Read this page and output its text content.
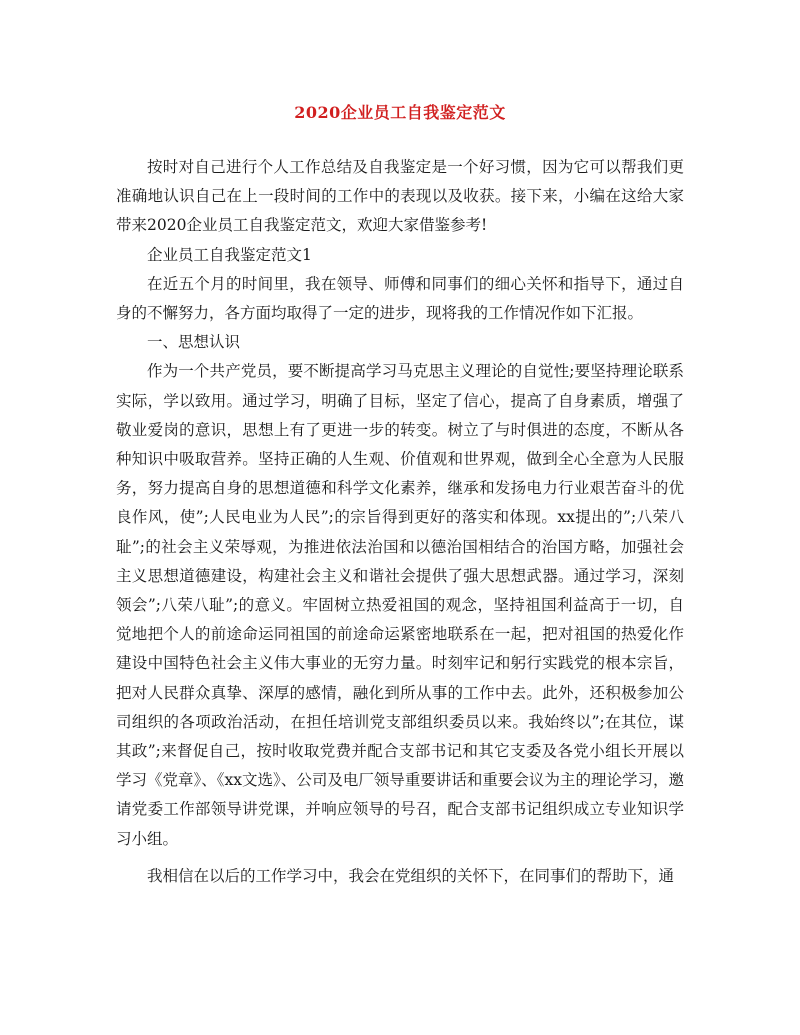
2020企业员工自我鉴定范文

按时对自己进行个人工作总结及自我鉴定是一个好习惯，因为它可以帮我们更准确地认识自己在上一段时间的工作中的表现以及收获。接下来，小编在这给大家带来2020企业员工自我鉴定范文，欢迎大家借鉴参考!

企业员工自我鉴定范文1

在近五个月的时间里，我在领导、师傅和同事们的细心关怀和指导下，通过自身的不懈努力，各方面均取得了一定的进步，现将我的工作情况作如下汇报。

一、思想认识

作为一个共产党员，要不断提高学习马克思主义理论的自觉性;要坚持理论联系实际，学以致用。通过学习，明确了目标，坚定了信心，提高了自身素质，增强了敬业爱岗的意识，思想上有了更进一步的转变。树立了与时俱进的态度，不断从各种知识中吸取营养。坚持正确的人生观、价值观和世界观，做到全心全意为人民服务，努力提高自身的思想道德和科学文化素养，继承和发扬电力行业艰苦奋斗的优良作风，使”;人民电业为人民”;的宗旨得到更好的落实和体现。xx提出的”;八荣八耻”;的社会主义荣辱观，为推进依法治国和以德治国相结合的治国方略，加强社会主义思想道德建设，构建社会主义和谐社会提供了强大思想武器。通过学习，深刻领会”;八荣八耻”;的意义。牢固树立热爱祖国的观念，坚持祖国利益高于一切，自觉地把个人的前途命运同祖国的前途命运紧密地联系在一起，把对祖国的热爱化作建设中国特色社会主义伟大事业的无穷力量。时刻牢记和躬行实践党的根本宗旨，把对人民群众真挚、深厚的感情，融化到所从事的工作中去。此外，还积极参加公司组织的各项政治活动，在担任培训党支部组织委员以来。我始终以”;在其位，谋其政”;来督促自己，按时收取党费并配合支部书记和其它支委及各党小组长开展以学习《党章》、《xx文选》、公司及电厂领导重要讲话和重要会议为主的理论学习，邀请党委工作部领导讲党课，并响应领导的号召，配合支部书记组织成立专业知识学习小组。

我相信在以后的工作学习中，我会在党组织的关怀下，在同事们的帮助下，通
